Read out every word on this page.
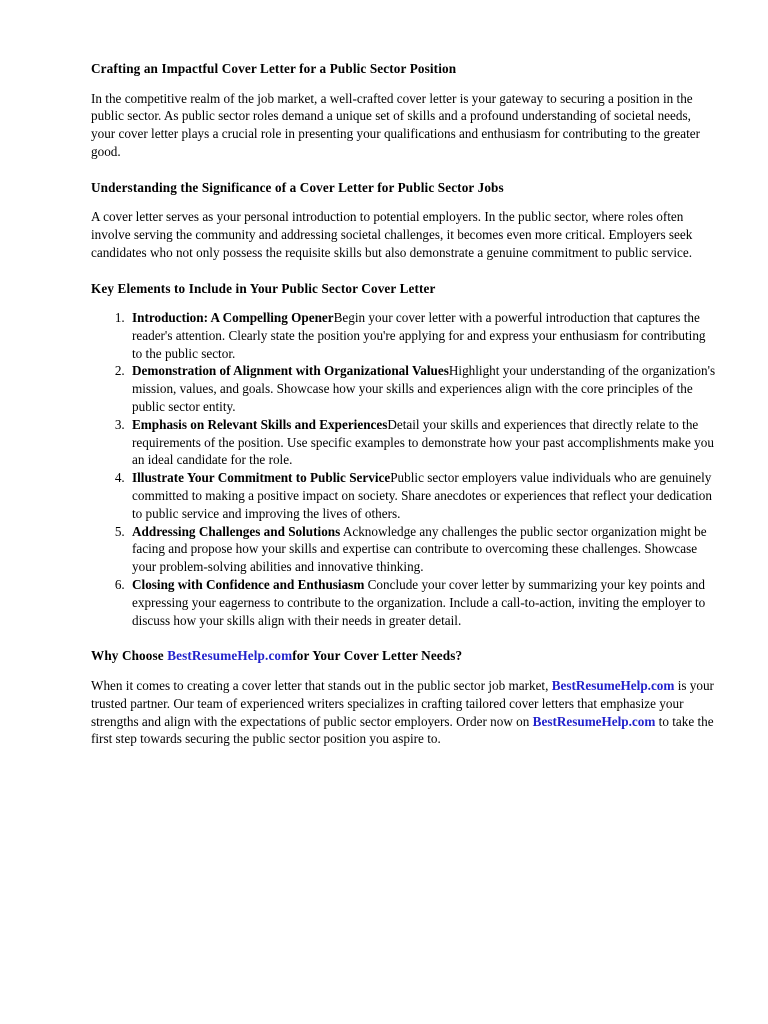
Crafting an Impactful Cover Letter for a Public Sector Position

In the competitive realm of the job market, a well-crafted cover letter is your gateway to securing a position in the public sector. As public sector roles demand a unique set of skills and a profound understanding of societal needs, your cover letter plays a crucial role in presenting your qualifications and enthusiasm for contributing to the greater good.

Understanding the Significance of a Cover Letter for Public Sector Jobs

A cover letter serves as your personal introduction to potential employers. In the public sector, where roles often involve serving the community and addressing societal challenges, it becomes even more critical. Employers seek candidates who not only possess the requisite skills but also demonstrate a genuine commitment to public service.

Key Elements to Include in Your Public Sector Cover Letter
1. Introduction: A Compelling OpenerBegin your cover letter with a powerful introduction that captures the reader's attention. Clearly state the position you're applying for and express your enthusiasm for contributing to the public sector.
2. Demonstration of Alignment with Organizational ValuesHighlight your understanding of the organization's mission, values, and goals. Showcase how your skills and experiences align with the core principles of the public sector entity.
3. Emphasis on Relevant Skills and ExperiencesDetail your skills and experiences that directly relate to the requirements of the position. Use specific examples to demonstrate how your past accomplishments make you an ideal candidate for the role.
4. Illustrate Your Commitment to Public ServicePublic sector employers value individuals who are genuinely committed to making a positive impact on society. Share anecdotes or experiences that reflect your dedication to public service and improving the lives of others.
5. Addressing Challenges and Solutions Acknowledge any challenges the public sector organization might be facing and propose how your skills and expertise can contribute to overcoming these challenges. Showcase your problem-solving abilities and innovative thinking.
6. Closing with Confidence and Enthusiasm Conclude your cover letter by summarizing your key points and expressing your eagerness to contribute to the organization. Include a call-to-action, inviting the employer to discuss how your skills align with their needs in greater detail.
Why Choose BestResumeHelp.comfor Your Cover Letter Needs?

When it comes to creating a cover letter that stands out in the public sector job market, BestResumeHelp.com is your trusted partner. Our team of experienced writers specializes in crafting tailored cover letters that emphasize your strengths and align with the expectations of public sector employers. Order now on BestResumeHelp.com to take the first step towards securing the public sector position you aspire to.
